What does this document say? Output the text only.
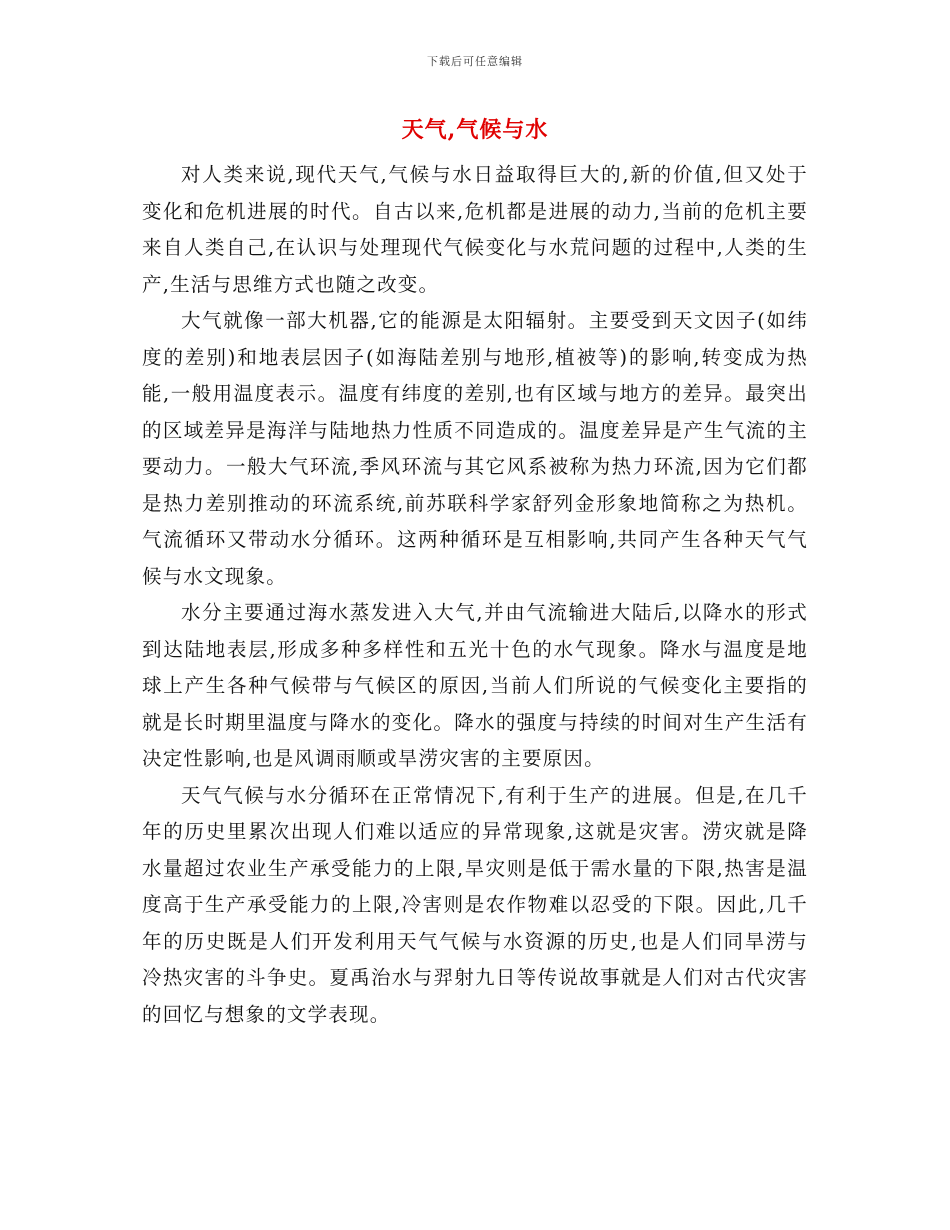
下载后可任意编辑
天气,气候与水

对人类来说,现代天气,气候与水日益取得巨大的,新的价值,但又处于变化和危机进展的时代。自古以来,危机都是进展的动力,当前的危机主要来自人类自己,在认识与处理现代气候变化与水荒问题的过程中,人类的生产,生活与思维方式也随之改变。

大气就像一部大机器,它的能源是太阳辐射。主要受到天文因子(如纬度的差别)和地表层因子(如海陆差别与地形,植被等)的影响,转变成为热能,一般用温度表示。温度有纬度的差别,也有区域与地方的差异。最突出的区域差异是海洋与陆地热力性质不同造成的。温度差异是产生气流的主要动力。一般大气环流,季风环流与其它风系被称为热力环流,因为它们都是热力差别推动的环流系统,前苏联科学家舒列金形象地简称之为热机。气流循环又带动水分循环。这两种循环是互相影响,共同产生各种天气气候与水文现象。

水分主要通过海水蒸发进入大气,并由气流输进大陆后,以降水的形式到达陆地表层,形成多种多样性和五光十色的水气现象。降水与温度是地球上产生各种气候带与气候区的原因,当前人们所说的气候变化主要指的就是长时期里温度与降水的变化。降水的强度与持续的时间对生产生活有决定性影响,也是风调雨顺或旱涝灾害的主要原因。

天气气候与水分循环在正常情况下,有利于生产的进展。但是,在几千年的历史里累次出现人们难以适应的异常现象,这就是灾害。涝灾就是降水量超过农业生产承受能力的上限,旱灾则是低于需水量的下限,热害是温度高于生产承受能力的上限,冷害则是农作物难以忍受的下限。因此,几千年的历史既是人们开发利用天气气候与水资源的历史,也是人们同旱涝与冷热灾害的斗争史。夏禹治水与羿射九日等传说故事就是人们对古代灾害的回忆与想象的文学表现。
